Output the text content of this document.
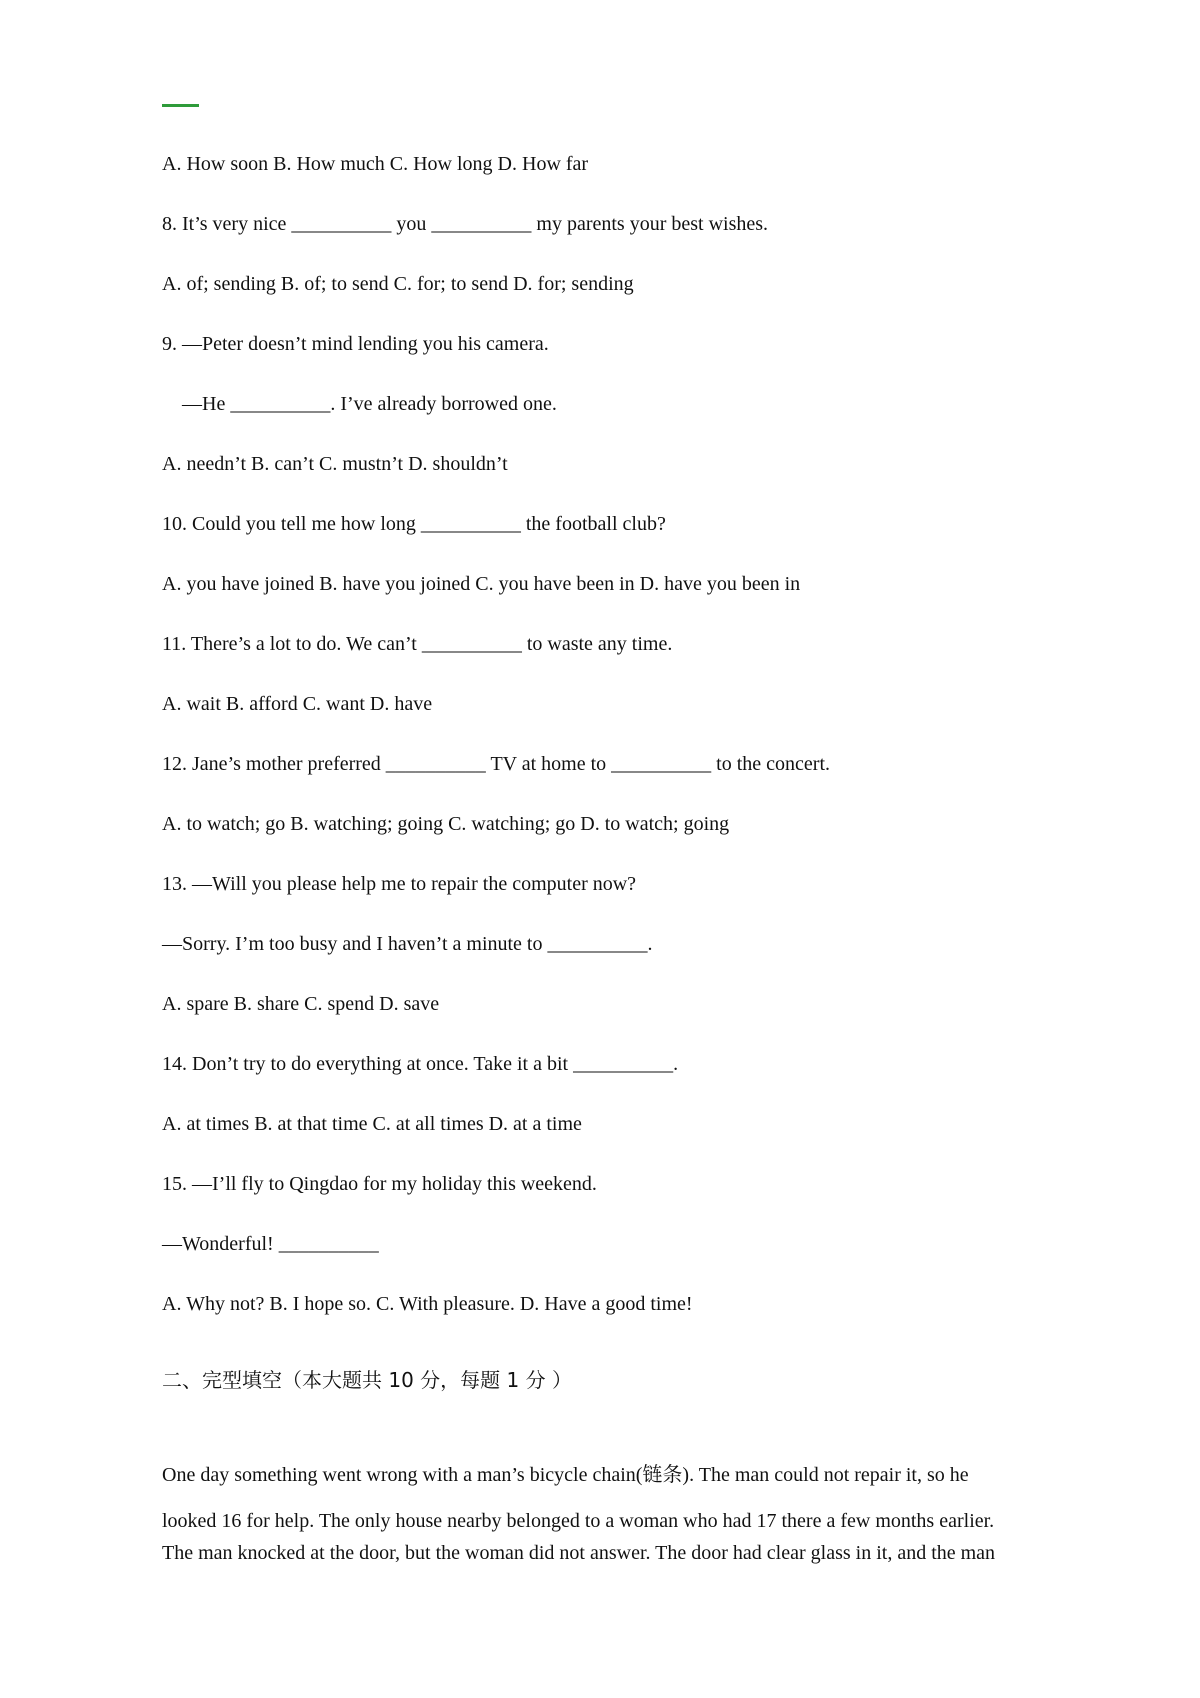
A. How soon B. How much C. How long D. How far
8. It’s very nice __________ you __________ my parents your best wishes.
A. of; sending B. of; to send C. for; to send D. for; sending
9. —Peter doesn’t mind lending you his camera.
—He __________. I’ve already borrowed one.
A. needn’t B. can’t C. mustn’t D. shouldn’t
10. Could you tell me how long __________ the football club?
A. you have joined B. have you joined C. you have been in D. have you been in
11. There’s a lot to do. We can’t __________ to waste any time.
A. wait B. afford C. want D. have
12. Jane’s mother preferred __________ TV at home to __________ to the concert.
A. to watch; go B. watching; going C. watching; go D. to watch; going
13. —Will you please help me to repair the computer now?
—Sorry. I’m too busy and I haven’t a minute to __________.
A. spare B. share C. spend D. save
14. Don’t try to do everything at once. Take it a bit __________.
A. at times B. at that time C. at all times D. at a time
15. —I’ll fly to Qingdao for my holiday this weekend.
—Wonderful! __________
A. Why not? B. I hope so. C. With pleasure. D. Have a good time!
二、完型填空（本大题共 10 分，每题 1 分 ）
One day something went wrong with a man’s bicycle chain(链条). The man could not repair it, so he
looked 16 for help. The only house nearby belonged to a woman who had 17 there a few months earlier.
The man knocked at the door, but the woman did not answer. The door had clear glass in it, and the man
